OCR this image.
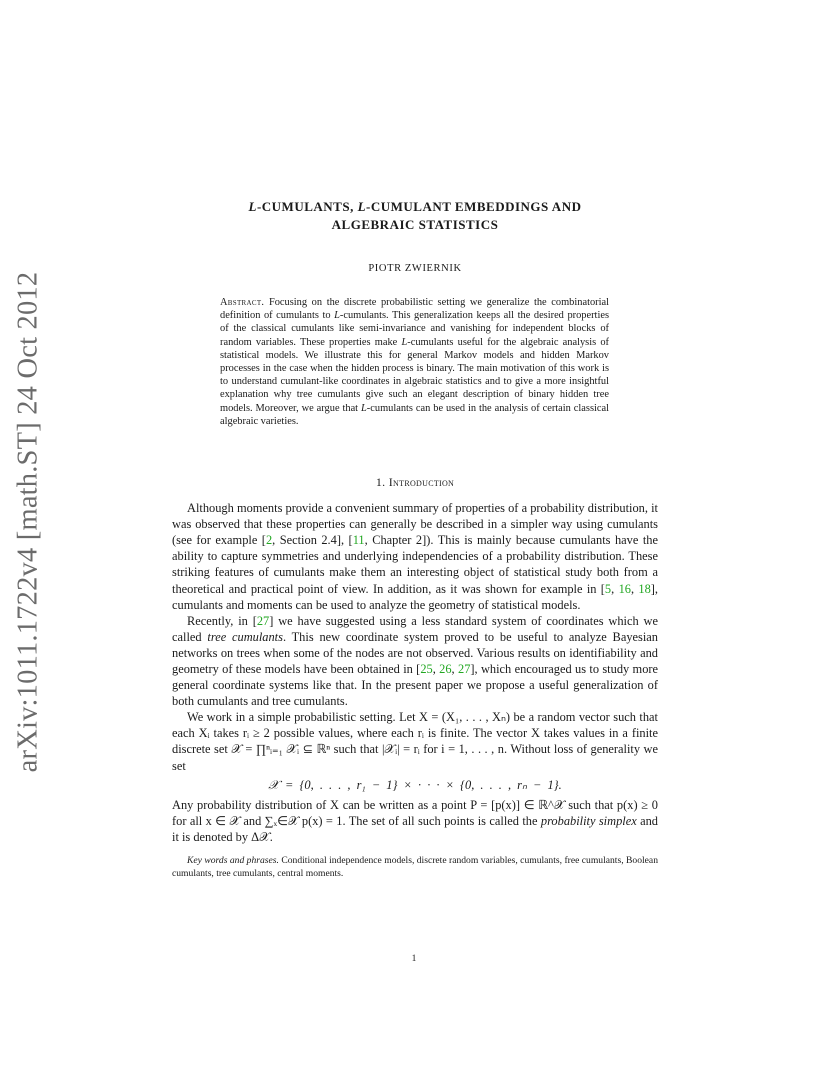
arXiv:1011.1722v4 [math.ST] 24 Oct 2012
L-CUMULANTS, L-CUMULANT EMBEDDINGS AND
ALGEBRAIC STATISTICS

PIOTR ZWIERNIK

Abstract. Focusing on the discrete probabilistic setting we generalize the combinatorial definition of cumulants to L-cumulants. This generalization keeps all the desired properties of the classical cumulants like semi-invariance and vanishing for independent blocks of random variables. These properties make L-cumulants useful for the algebraic analysis of statistical models. We illustrate this for general Markov models and hidden Markov processes in the case when the hidden process is binary. The main motivation of this work is to understand cumulant-like coordinates in algebraic statistics and to give a more insightful explanation why tree cumulants give such an elegant description of binary hidden tree models. Moreover, we argue that L-cumulants can be used in the analysis of certain classical algebraic varieties.
1. Introduction

Although moments provide a convenient summary of properties of a probability distribution, it was observed that these properties can generally be described in a simpler way using cumulants (see for example [2, Section 2.4], [11, Chapter 2]). This is mainly because cumulants have the ability to capture symmetries and underlying independencies of a probability distribution. These striking features of cumulants make them an interesting object of statistical study both from a theoretical and practical point of view. In addition, as it was shown for example in [5, 16, 18], cumulants and moments can be used to analyze the geometry of statistical models.

Recently, in [27] we have suggested using a less standard system of coordinates which we called tree cumulants. This new coordinate system proved to be useful to analyze Bayesian networks on trees when some of the nodes are not observed. Various results on identifiability and geometry of these models have been obtained in [25, 26, 27], which encouraged us to study more general coordinate systems like that. In the present paper we propose a useful generalization of both cumulants and tree cumulants.

We work in a simple probabilistic setting. Let X = (X₁, . . . , Xₙ) be a random vector such that each Xᵢ takes rᵢ ≥ 2 possible values, where each rᵢ is finite. The vector X takes values in a finite discrete set 𝒳 = ∏ⁿᵢ₌₁ 𝒳ᵢ ⊆ ℝⁿ such that |𝒳ᵢ| = rᵢ for i = 1, . . . , n. Without loss of generality we set

𝒳 = {0, . . . , r₁ − 1} × · · · × {0, . . . , rₙ − 1}.

Any probability distribution of X can be written as a point P = [p(x)] ∈ ℝ^𝒳 such that p(x) ≥ 0 for all x ∈ 𝒳 and ∑ₓ∈𝒳 p(x) = 1. The set of all such points is called the probability simplex and it is denoted by Δ𝒳.

Key words and phrases. Conditional independence models, discrete random variables, cumulants, free cumulants, Boolean cumulants, tree cumulants, central moments.
1
